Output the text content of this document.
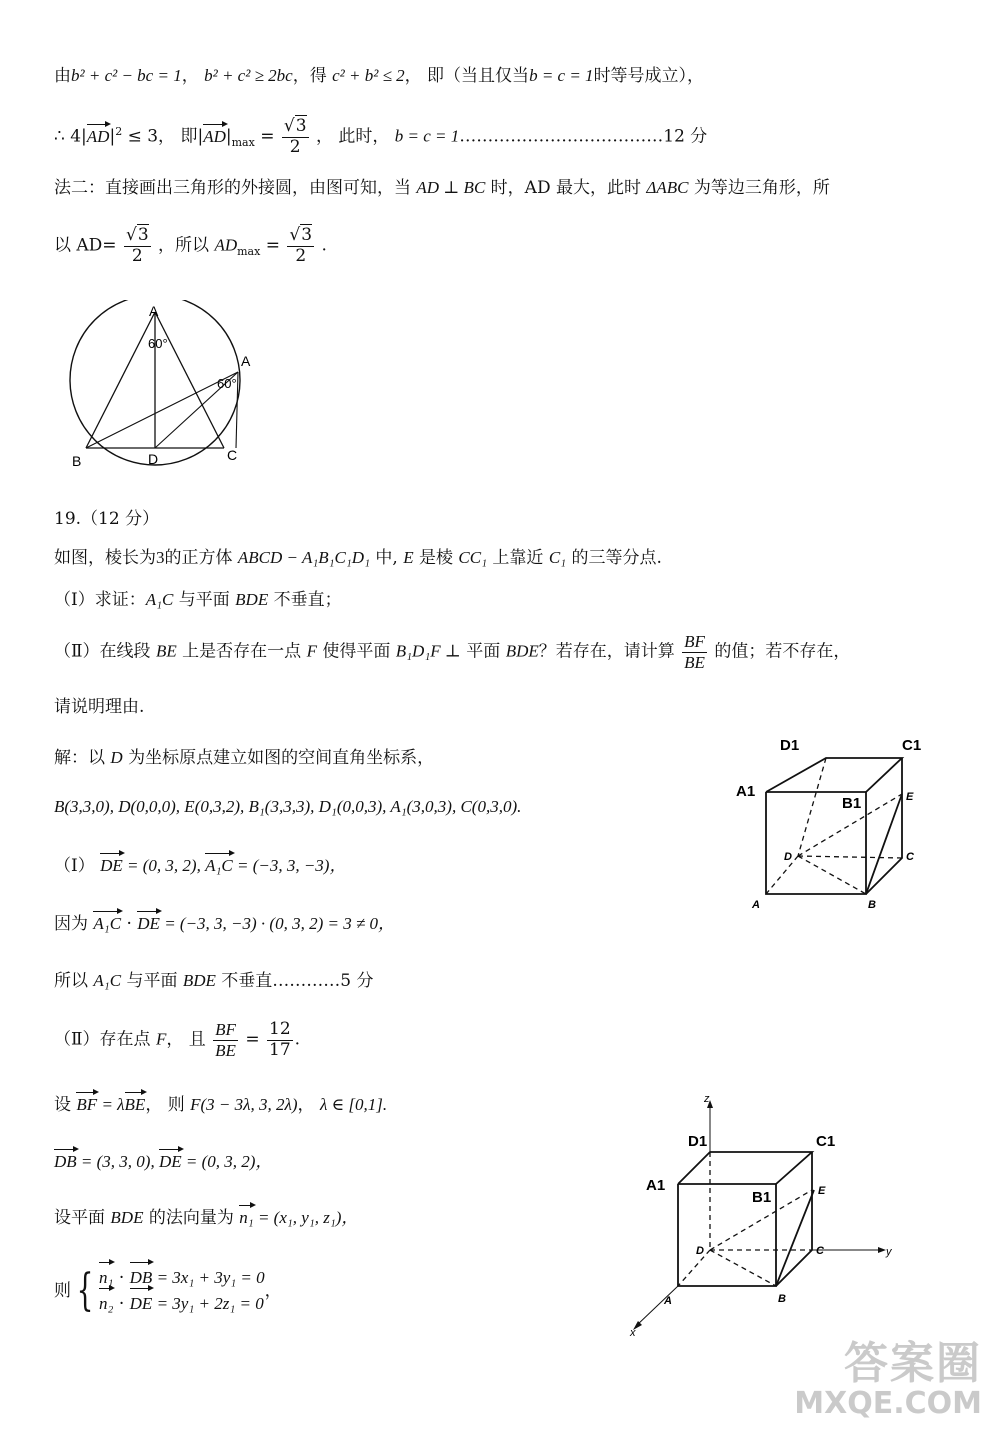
由b² + c² − bc = 1， b² + c² ≥ 2bc，得 c² + b² ≤ 2， 即（当且仅当b = c = 1时等号成立），
∴ $4|AD|^2 \le 3$， 即$|AD|_{max} = \frac{√3}{2}$ ， 此时， b = c = 1………………………………12 分
法二：直接画出三角形的外接圆，由图可知，当 AD ⊥ BC 时，AD 最大，此时 ΔABC 为等边三角形，所
以 $AD= \frac{√3}{2}$ ，所以 $AD_{max} = \frac{√3}{2}$ .
A
60°
A
60°
B	D	C
19.（12 分）
如图，棱长为3的正方体 ABCD − A₁B₁C₁D₁ 中, E 是棱 CC₁ 上靠近 C₁ 的三等分点.
（Ⅰ）求证：A₁C 与平面 BDE 不垂直；
（Ⅱ）在线段 BE 上是否存在一点 F 使得平面 B₁D₁F ⊥ 平面 BDE？若存在，请计算 $\frac{BF}{BE}$ 的值；若不存在，
请说明理由.
解：以 D 为坐标原点建立如图的空间直角坐标系，
B(3,3,0), D(0,0,0), E(0,3,2), B₁(3,3,3), D₁(0,0,3), A₁(3,0,3), C(0,3,0).
（Ⅰ） DE = (0, 3, 2), A₁C = (−3, 3, −3)，
因为 A₁C · DE = (−3, 3, −3) · (0, 3, 2) = 3 ≠ 0，
所以 A₁C 与平面 BDE 不垂直…………5 分
（Ⅱ）存在点 F， 且 $\frac{BF}{BE} = \frac{12}{17}$ .
设 BF = λBE， 则 F(3 − 3λ, 3, 2λ)， λ ∈ [0,1].
DB = (3, 3, 0), DE = (0, 3, 2)，
设平面 BDE 的法向量为 n₁ = (x₁, y₁, z₁)，
则 { n₁ · DB = 3x₁ + 3y₁ = 0
n₂ · DE = 3y₁ + 2z₁ = 0，
D1	C1
A1
B1	E
D	C
A	B
z
D1	C1
A1
B1	E
D	C	y
A	B
x
答案圈
MXQE.COM
